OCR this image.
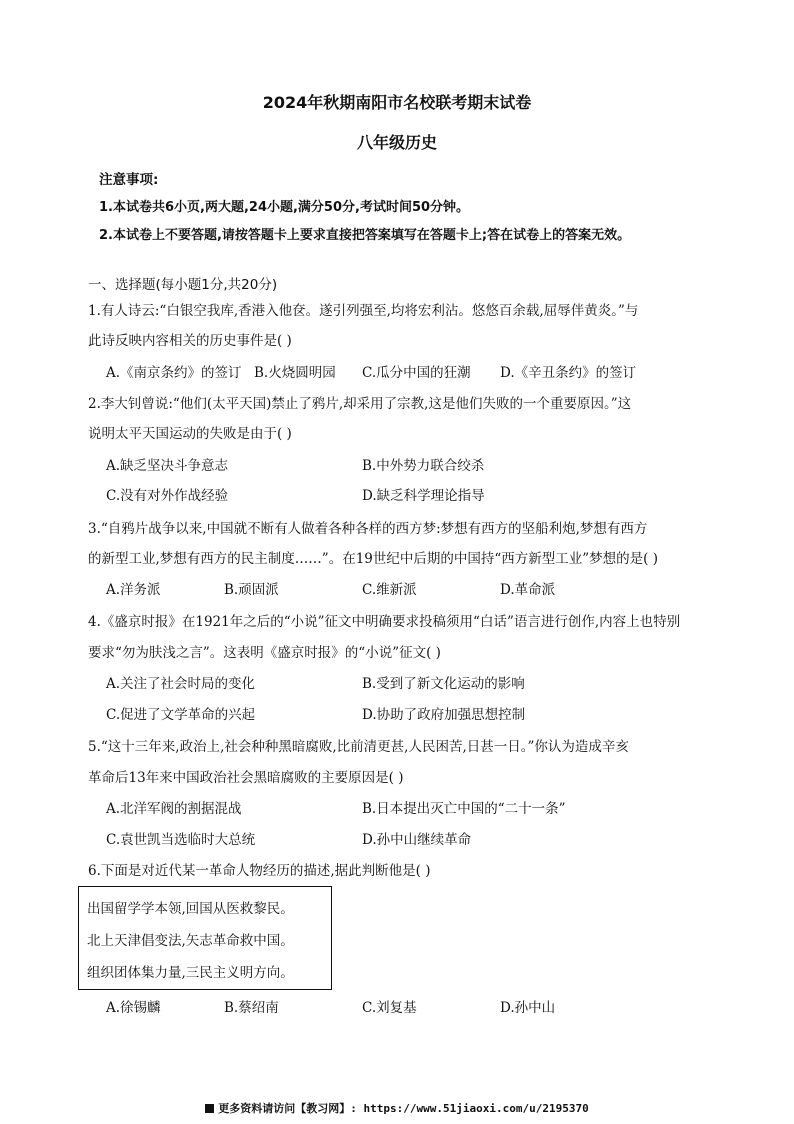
2024年秋期南阳市名校联考期末试卷
八年级历史
注意事项:
1.本试卷共6小页,两大题,24小题,满分50分,考试时间50分钟。
2.本试卷上不要答题,请按答题卡上要求直接把答案填写在答题卡上;答在试卷上的答案无效。
一、选择题(每小题1分,共20分)
1.有人诗云:“白银空我库,香港入他奁。遂引列强至,均将宏利沾。悠悠百余载,屈辱伴黄炎。”与
此诗反映内容相关的历史事件是( )
A.《南京条约》的签订 B.火烧圆明园 C.瓜分中国的狂潮 D.《辛丑条约》的签订
2.李大钊曾说:“他们(太平天国)禁止了鸦片,却采用了宗教,这是他们失败的一个重要原因。”这
说明太平天国运动的失败是由于( )
A.缺乏坚决斗争意志	B.中外势力联合绞杀
C.没有对外作战经验	D.缺乏科学理论指导
3.“自鸦片战争以来,中国就不断有人做着各种各样的西方梦:梦想有西方的坚船利炮,梦想有西方
的新型工业,梦想有西方的民主制度……”。在19世纪中后期的中国持“西方新型工业”梦想的是( )
A.洋务派	B.顽固派	C.维新派	D.革命派
4.《盛京时报》在1921年之后的“小说”征文中明确要求投稿须用“白话”语言进行创作,内容上也特别
要求“勿为肤浅之言”。这表明《盛京时报》的“小说”征文( )
A.关注了社会时局的变化	B.受到了新文化运动的影响
C.促进了文学革命的兴起	D.协助了政府加强思想控制
5.“这十三年来,政治上,社会种种黑暗腐败,比前清更甚,人民困苦,日甚一日。”你认为造成辛亥
革命后13年来中国政治社会黑暗腐败的主要原因是( )
A.北洋军阀的割据混战	B.日本提出灭亡中国的“二十一条”
C.袁世凯当选临时大总统	D.孙中山继续革命
6.下面是对近代某一革命人物经历的描述,据此判断他是( )
出国留学学本领,回国从医救黎民。
北上天津倡变法,矢志革命救中国。
组织团体集力量,三民主义明方向。
A.徐锡麟	B.蔡绍南	C.刘复基	D.孙中山
更多资料请访问【教习网】: https://www.51jiaoxi.com/u/2195370
